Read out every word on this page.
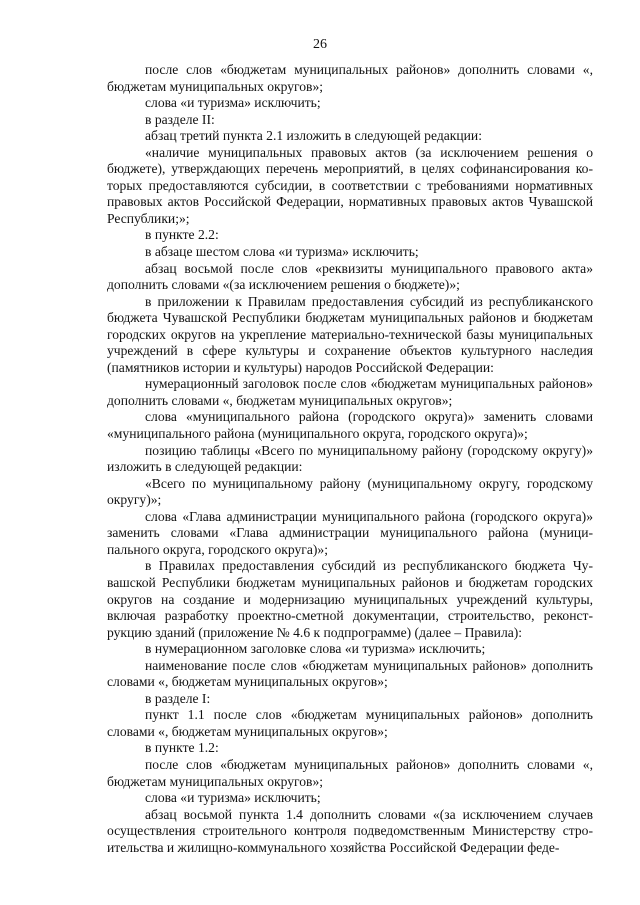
26

после слов «бюджетам муниципальных районов» дополнить словами «, бюджетам муниципальных округов»;

слова «и туризма» исключить;

в разделе II:

абзац третий пункта 2.1 изложить в следующей редакции:

«наличие муниципальных правовых актов (за исключением решения о бюджете), утверждающих перечень мероприятий, в целях софинансирования которых предоставляются субсидии, в соответствии с требованиями нормативных правовых актов Российской Федерации, нормативных правовых актов Чувашской Республики;»;

в пункте 2.2:

в абзаце шестом слова «и туризма» исключить;

абзац восьмой после слов «реквизиты муниципального правового акта» дополнить словами «(за исключением решения о бюджете)»;

в приложении к Правилам предоставления субсидий из республиканского бюджета Чувашской Республики бюджетам муниципальных районов и бюджетам городских округов на укрепление материально-технической базы муниципальных учреждений в сфере культуры и сохранение объектов культурного наследия (памятников истории и культуры) народов Российской Федерации:

нумерационный заголовок после слов «бюджетам муниципальных районов» дополнить словами «, бюджетам муниципальных округов»;

слова «муниципального района (городского округа)» заменить словами «муниципального района (муниципального округа, городского округа)»;

позицию таблицы «Всего по муниципальному району (городскому округу)» изложить в следующей редакции:

«Всего по муниципальному району (муниципальному округу, городскому округу)»;

слова «Глава администрации муниципального района (городского округа)» заменить словами «Глава администрации муниципального района (муниципального округа, городского округа)»;

в Правилах предоставления субсидий из республиканского бюджета Чувашской Республики бюджетам муниципальных районов и бюджетам городских округов на создание и модернизацию муниципальных учреждений культуры, включая разработку проектно-сметной документации, строительство, реконструкцию зданий (приложение № 4.6 к подпрограмме) (далее – Правила):

в нумерационном заголовке слова «и туризма» исключить;

наименование после слов «бюджетам муниципальных районов» дополнить словами «, бюджетам муниципальных округов»;

в разделе I:

пункт 1.1 после слов «бюджетам муниципальных районов» дополнить словами «, бюджетам муниципальных округов»;

в пункте 1.2:

после слов «бюджетам муниципальных районов» дополнить словами «, бюджетам муниципальных округов»;

слова «и туризма» исключить;

абзац восьмой пункта 1.4 дополнить словами «(за исключением случаев осуществления строительного контроля подведомственным Министерству строительства и жилищно-коммунального хозяйства Российской Федерации феде-
